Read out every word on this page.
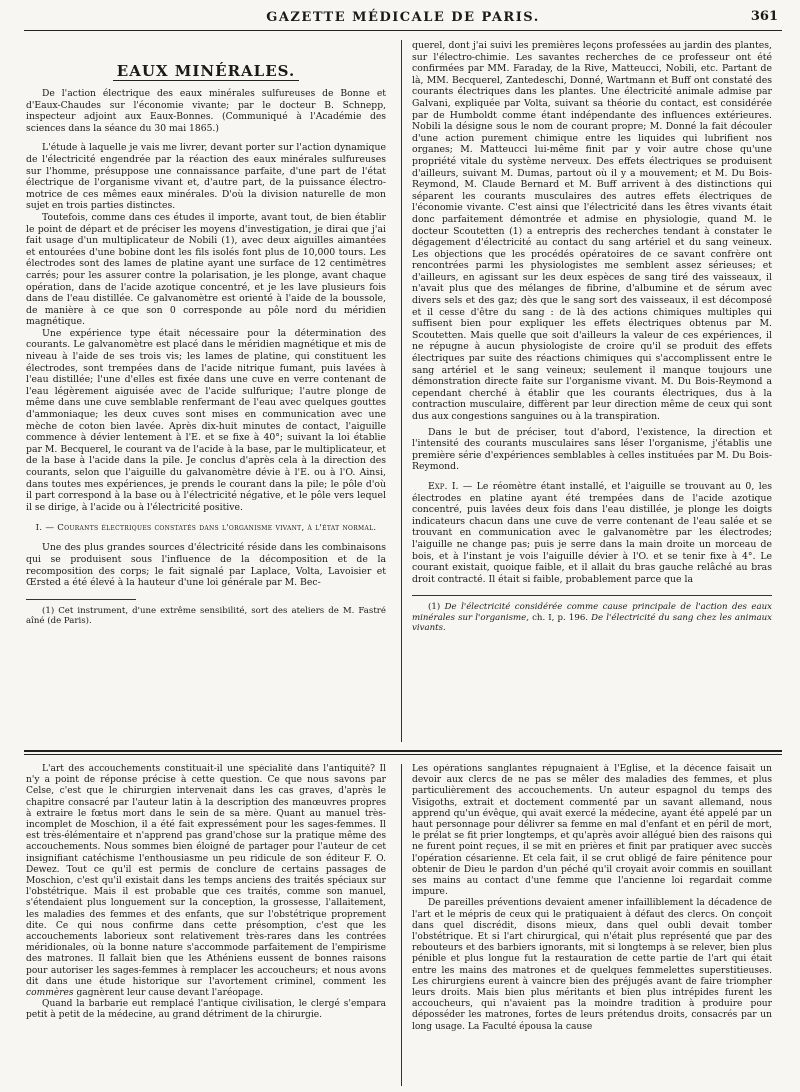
GAZETTE MÉDICALE DE PARIS.	361
EAUX MINÉRALES.

De l'action électrique des eaux minérales sulfureuses de Bonne et d'Eaux-Chaudes sur l'économie vivante; par le docteur B. Schnepp, inspecteur adjoint aux Eaux-Bonnes. (Communiqué à l'Académie des sciences dans la séance du 30 mai 1865.)

L'étude à laquelle je vais me livrer, devant porter sur l'action dynamique de l'électricité engendrée par la réaction des eaux minérales sulfureuses sur l'homme, présuppose une connaissance parfaite, d'une part de l'état électrique de l'organisme vivant et, d'autre part, de la puissance électro-motrice de ces mêmes eaux minérales. D'où la division naturelle de mon sujet en trois parties distinctes.

Toutefois, comme dans ces études il importe, avant tout, de bien établir le point de départ et de préciser les moyens d'investigation, je dirai que j'ai fait usage d'un multiplicateur de Nobili (1), avec deux aiguilles aimantées et entourées d'une bobine dont les fils isolés font plus de 10,000 tours. Les électrodes sont des lames de platine ayant une surface de 12 centimètres carrés; pour les assurer contre la polarisation, je les plonge, avant chaque opération, dans de l'acide azotique concentré, et je les lave plusieurs fois dans de l'eau distillée. Ce galvanomètre est orienté à l'aide de la boussole, de manière à ce que son 0 corresponde au pôle nord du méridien magnétique.

Une expérience type était nécessaire pour la détermination des courants. Le galvanomètre est placé dans le méridien magnétique et mis de niveau à l'aide de ses trois vis; les lames de platine, qui constituent les électrodes, sont trempées dans de l'acide nitrique fumant, puis lavées à l'eau distillée; l'une d'elles est fixée dans une cuve en verre contenant de l'eau légèrement aiguisée avec de l'acide sulfurique; l'autre plonge de même dans une cuve semblable renfermant de l'eau avec quelques gouttes d'ammoniaque; les deux cuves sont mises en communication avec une mèche de coton bien lavée. Après dix-huit minutes de contact, l'aiguille commence à dévier lentement à l'E. et se fixe à 40°; suivant la loi établie par M. Becquerel, le courant va de l'acide à la base, par le multiplicateur, et de la base à l'acide dans la pile. Je conclus d'après cela à la direction des courants, selon que l'aiguille du galvanomètre dévie à l'E. ou à l'O. Ainsi, dans toutes mes expériences, je prends le courant dans la pile; le pôle d'où il part correspond à la base ou à l'électricité négative, et le pôle vers lequel il se dirige, à l'acide ou à l'électricité positive.

I. — Courants électriques constatés dans l'organisme vivant, à l'état normal.

Une des plus grandes sources d'électricité réside dans les combinaisons qui se produisent sous l'influence de la décomposition et de la recomposition des corps; le fait signalé par Laplace, Volta, Lavoisier et Œrsted a été élevé à la hauteur d'une loi générale par M. Bec-

(1) Cet instrument, d'une extrême sensibilité, sort des ateliers de M. Fastré aîné (de Paris).

querel, dont j'ai suivi les premières leçons professées au jardin des plantes, sur l'électro-chimie. Les savantes recherches de ce professeur ont été confirmées par MM. Faraday, de la Rive, Matteucci, Nobili, etc. Partant de là, MM. Becquerel, Zantedeschi, Donné, Wartmann et Buff ont constaté des courants électriques dans les plantes. Une électricité animale admise par Galvani, expliquée par Volta, suivant sa théorie du contact, est considérée par de Humboldt comme étant indépendante des influences extérieures. Nobili la désigne sous le nom de courant propre; M. Donné la fait découler d'une action purement chimique entre les liquides qui lubrifient nos organes; M. Matteucci lui-même finit par y voir autre chose qu'une propriété vitale du système nerveux. Des effets électriques se produisent d'ailleurs, suivant M. Dumas, partout où il y a mouvement; et M. Du Bois-Reymond, M. Claude Bernard et M. Buff arrivent à des distinctions qui séparent les courants musculaires des autres effets électriques de l'économie vivante. C'est ainsi que l'électricité dans les êtres vivants était donc parfaitement démontrée et admise en physiologie, quand M. le docteur Scoutetten (1) a entrepris des recherches tendant à constater le dégagement d'électricité au contact du sang artériel et du sang veineux. Les objections que les procédés opératoires de ce savant confrère ont rencontrées parmi les physiologistes me semblent assez sérieuses; et d'ailleurs, en agissant sur les deux espèces de sang tiré des vaisseaux, il n'avait plus que des mélanges de fibrine, d'albumine et de sérum avec divers sels et des gaz; dès que le sang sort des vaisseaux, il est décomposé et il cesse d'être du sang : de là des actions chimiques multiples qui suffisent bien pour expliquer les effets électriques obtenus par M. Scoutetten. Mais quelle que soit d'ailleurs la valeur de ces expériences, il ne répugne à aucun physiologiste de croire qu'il se produit des effets électriques par suite des réactions chimiques qui s'accomplissent entre le sang artériel et le sang veineux; seulement il manque toujours une démonstration directe faite sur l'organisme vivant. M. Du Bois-Reymond a cependant cherché à établir que les courants électriques, dus à la contraction musculaire, diffèrent par leur direction même de ceux qui sont dus aux congestions sanguines ou à la transpiration.

Dans le but de préciser, tout d'abord, l'existence, la direction et l'intensité des courants musculaires sans léser l'organisme, j'établis une première série d'expériences semblables à celles instituées par M. Du Bois-Reymond.

Exp. I. — Le réomètre étant installé, et l'aiguille se trouvant au 0, les électrodes en platine ayant été trempées dans de l'acide azotique concentré, puis lavées deux fois dans l'eau distillée, je plonge les doigts indicateurs chacun dans une cuve de verre contenant de l'eau salée et se trouvant en communication avec le galvanomètre par les électrodes; l'aiguille ne change pas; puis je serre dans la main droite un morceau de bois, et à l'instant je vois l'aiguille dévier à l'O. et se tenir fixe à 4°. Le courant existait, quoique faible, et il allait du bras gauche relâché au bras droit contracté. Il était si faible, probablement parce que la

(1) De l'électricité considérée comme cause principale de l'action des eaux minérales sur l'organisme, ch. I, p. 196. De l'électricité du sang chez les animaux vivants.

L'art des accouchements constituait-il une spécialité dans l'antiquité? Il n'y a point de réponse précise à cette question. Ce que nous savons par Celse, c'est que le chirurgien intervenait dans les cas graves, d'après le chapitre consacré par l'auteur latin à la description des manœuvres propres à extraire le fœtus mort dans le sein de sa mère. Quant au manuel très-incomplet de Moschion, il a été fait expressément pour les sages-femmes. Il est très-élémentaire et n'apprend pas grand'chose sur la pratique même des accouchements. Nous sommes bien éloigné de partager pour l'auteur de cet insignifiant catéchisme l'enthousiasme un peu ridicule de son éditeur F. O. Dewez. Tout ce qu'il est permis de conclure de certains passages de Moschion, c'est qu'il existait dans les temps anciens des traités spéciaux sur l'obstétrique. Mais il est probable que ces traités, comme son manuel, s'étendaient plus longuement sur la conception, la grossesse, l'allaitement, les maladies des femmes et des enfants, que sur l'obstétrique proprement dite. Ce qui nous confirme dans cette présomption, c'est que les accouchements laborieux sont relativement très-rares dans les contrées méridionales, où la bonne nature s'accommode parfaitement de l'empirisme des matrones. Il fallait bien que les Athéniens eussent de bonnes raisons pour autoriser les sages-femmes à remplacer les accoucheurs; et nous avons dit dans une étude historique sur l'avortement criminel, comment les commères gagnèrent leur cause devant l'aréopage.

Quand la barbarie eut remplacé l'antique civilisation, le clergé s'empara petit à petit de la médecine, au grand détriment de la chirurgie.

Les opérations sanglantes répugnaient à l'Église, et la décence faisait un devoir aux clercs de ne pas se mêler des maladies des femmes, et plus particulièrement des accouchements. Un auteur espagnol du temps des Visigoths, extrait et doctement commenté par un savant allemand, nous apprend qu'un évêque, qui avait exercé la médecine, ayant été appelé par un haut personnage pour délivrer sa femme en mal d'enfant et en péril de mort, le prélat se fit prier longtemps, et qu'après avoir allégué bien des raisons qui ne furent point reçues, il se mit en prières et finit par pratiquer avec succès l'opération césarienne. Et cela fait, il se crut obligé de faire pénitence pour obtenir de Dieu le pardon d'un péché qu'il croyait avoir commis en souillant ses mains au contact d'une femme que l'ancienne loi regardait comme impure.

De pareilles préventions devaient amener infailliblement la décadence de l'art et le mépris de ceux qui le pratiquaient à défaut des clercs. On conçoit dans quel discrédit, disons mieux, dans quel oubli devait tomber l'obstétrique. Et si l'art chirurgical, qui n'était plus représenté que par des rebouteurs et des barbiers ignorants, mit si longtemps à se relever, bien plus pénible et plus longue fut la restauration de cette partie de l'art qui était entre les mains des matrones et de quelques femmelettes superstitieuses. Les chirurgiens eurent à vaincre bien des préjugés avant de faire triompher leurs droits. Mais bien plus méritants et bien plus intrépides furent les accoucheurs, qui n'avaient pas la moindre tradition à produire pour déposséder les matrones, fortes de leurs prétendus droits, consacrés par un long usage. La Faculté épousa la cause
